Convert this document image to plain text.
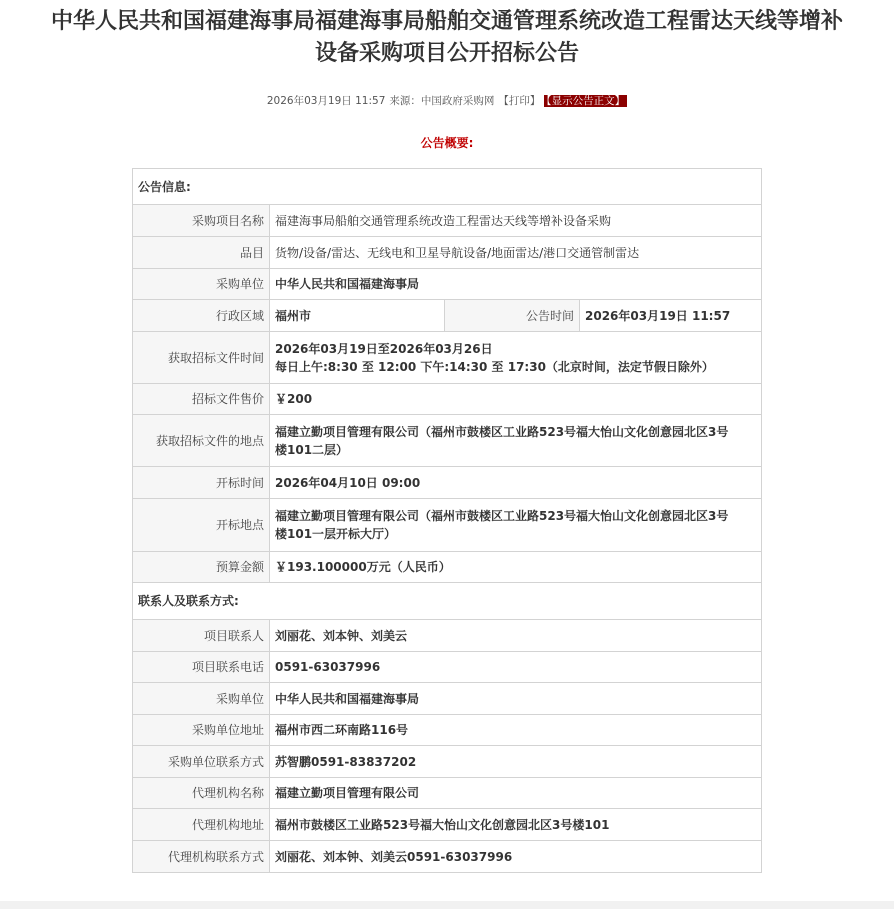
中华人民共和国福建海事局福建海事局船舶交通管理系统改造工程雷达天线等增补
设备采购项目公开招标公告
2026年03月19日 11:57 来源：中国政府采购网 【打印】 【显示公告正文】
公告概要:
公告信息:			
采购项目名称	福建海事局船舶交通管理系统改造工程雷达天线等增补设备采购		
品目	货物/设备/雷达、无线电和卫星导航设备/地面雷达/港口交通管制雷达		
采购单位	中华人民共和国福建海事局		
行政区域	福州市	公告时间	2026年03月19日 11:57
获取招标文件时间	2026年03月19日至2026年03月26日
每日上午:8:30 至 12:00 下午:14:30 至 17:30（北京时间，法定节假日除外）		

招标文件售价	￥200		
获取招标文件的地点	福建立勤项目管理有限公司（福州市鼓楼区工业路523号福大怡山文化创意园北区3号
楼101二层）		

开标时间	2026年04月10日 09:00		
开标地点	福建立勤项目管理有限公司（福州市鼓楼区工业路523号福大怡山文化创意园北区3号
楼101一层开标大厅）		

预算金额	￥193.100000万元（人民币）		
联系人及联系方式:			
项目联系人	刘丽花、刘本钟、刘美云		
项目联系电话	0591-63037996		
采购单位	中华人民共和国福建海事局		
采购单位地址	福州市西二环南路116号		
采购单位联系方式	苏智鹏0591-83837202		
代理机构名称	福建立勤项目管理有限公司		
代理机构地址	福州市鼓楼区工业路523号福大怡山文化创意园北区3号楼101		
代理机构联系方式	刘丽花、刘本钟、刘美云0591-63037996		
